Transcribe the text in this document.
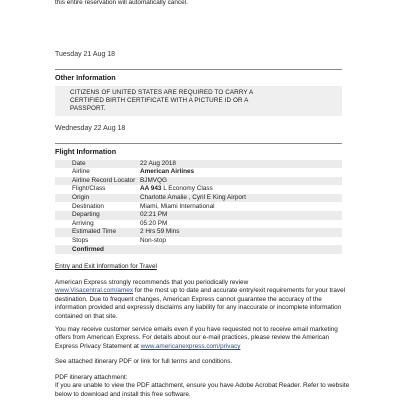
this entire reservation will automatically cancel.
Tuesday 21 Aug 18
Other Information
CITIZENS OF UNITED STATES ARE REQUIRED TO CARRY A CERTIFIED BIRTH CERTIFICATE WITH A PICTURE ID OR A PASSPORT.
Wednesday 22 Aug 18
Flight Information
Date	22 Aug 2018
Airline	American Airlines
Airline Record Locator	BJMVQG
Flight/Class	AA 943 L Economy Class
Origin	Charlotte Amalie , Cyril E King Airport
Destination	Miami, Miami International
Departing	02:21 PM
Arriving	05:20 PM
Estimated Time	2 Hrs 59 Mins
Stops	Non-stop
Confirmed	
Entry and Exit Information for Travel

American Express strongly recommends that you periodically review
www.Visacentral.com/amex for the most up to date and accurate entry/exit requirements for your travel destination. Due to frequent changes, American Express cannot guarantee the accuracy of the information provided and expressly disclaims any liability for any inaccurate or incomplete information contained on that site.

You may receive customer service emails even if you have requested not to receive email marketing offers from American Express. For details about our e-mail practices, please review the American Express Privacy Statement at www.americanexpress.com/privacy

See attached itinerary PDF or link for full terms and conditions.

PDF itinerary attachment:
If you are unable to view the PDF attachment, ensure you have Adobe Acrobat Reader. Refer to website below to download and install this free software.
